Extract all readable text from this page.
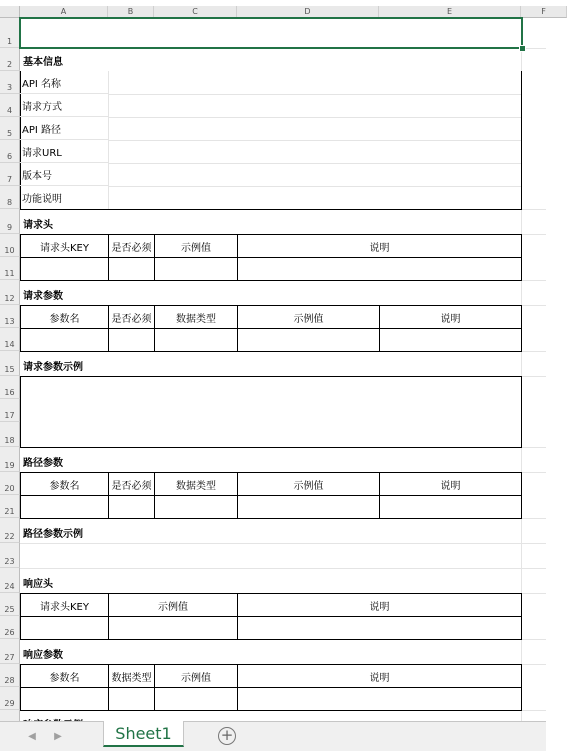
A	B	C	D	E	F
1
2
3
4
5
6
7
8
9
10
11
12
13
14
15
16
17
18
19
20
21
22
23
24
25
26
27
28
29
基本信息
API 名称
请求方式
API 路径
请求URL
版本号
功能说明
请求头
请求头KEY	是否必须	示例值	说明
请求参数
参数名	是否必须	数据类型	示例值	说明
请求参数示例
路径参数
参数名	是否必须	数据类型	示例值	说明
路径参数示例
响应头
请求头KEY	示例值	说明
响应参数
参数名	数据类型	示例值	说明
◀	▶	Sheet1	+
